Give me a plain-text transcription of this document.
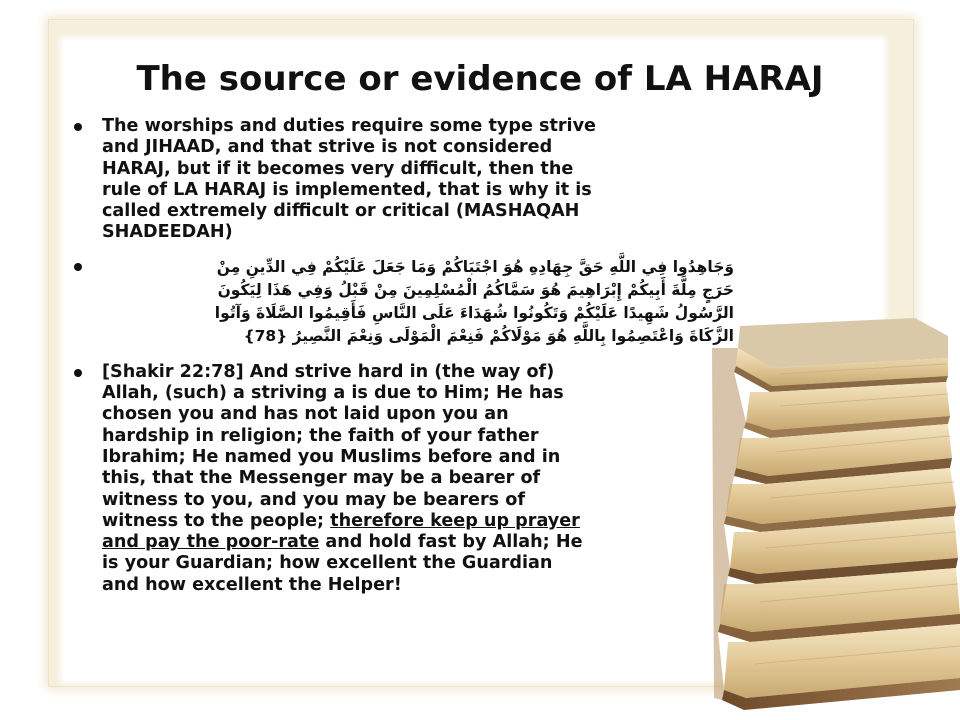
The source or evidence of LA HARAJ
The worships and duties require some type strive
and JIHAAD, and that strive is not considered
HARAJ, but if it becomes very difficult, then the
rule of LA HARAJ is implemented, that is why it is
called extremely difficult or critical (MASHAQAH
SHADEEDAH)
وَجَاهِدُوا فِي اللَّهِ حَقَّ جِهَادِهِ هُوَ اجْتَبَاكُمْ وَمَا جَعَلَ عَلَيْكُمْ فِي الدِّينِ مِنْ
حَرَجٍ مِلَّةَ أَبِيكُمْ إِبْرَاهِيمَ هُوَ سَمَّاكُمُ الْمُسْلِمِينَ مِنْ قَبْلُ وَفِي هَذَا لِيَكُونَ
الرَّسُولُ شَهِيدًا عَلَيْكُمْ وَتَكُونُوا شُهَدَاءَ عَلَى النَّاسِ فَأَقِيمُوا الصَّلَاةَ وَآتُوا
الزَّكَاةَ وَاعْتَصِمُوا بِاللَّهِ هُوَ مَوْلَاكُمْ فَنِعْمَ الْمَوْلَى وَنِعْمَ النَّصِيرُ {78}
[Shakir 22:78] And strive hard in (the way of)
Allah, (such) a striving a is due to Him; He has
chosen you and has not laid upon you an
hardship in religion; the faith of your father
Ibrahim; He named you Muslims before and in
this, that the Messenger may be a bearer of
witness to you, and you may be bearers of
witness to the people; therefore keep up prayer
and pay the poor-rate and hold fast by Allah; He
is your Guardian; how excellent the Guardian
and how excellent the Helper!
